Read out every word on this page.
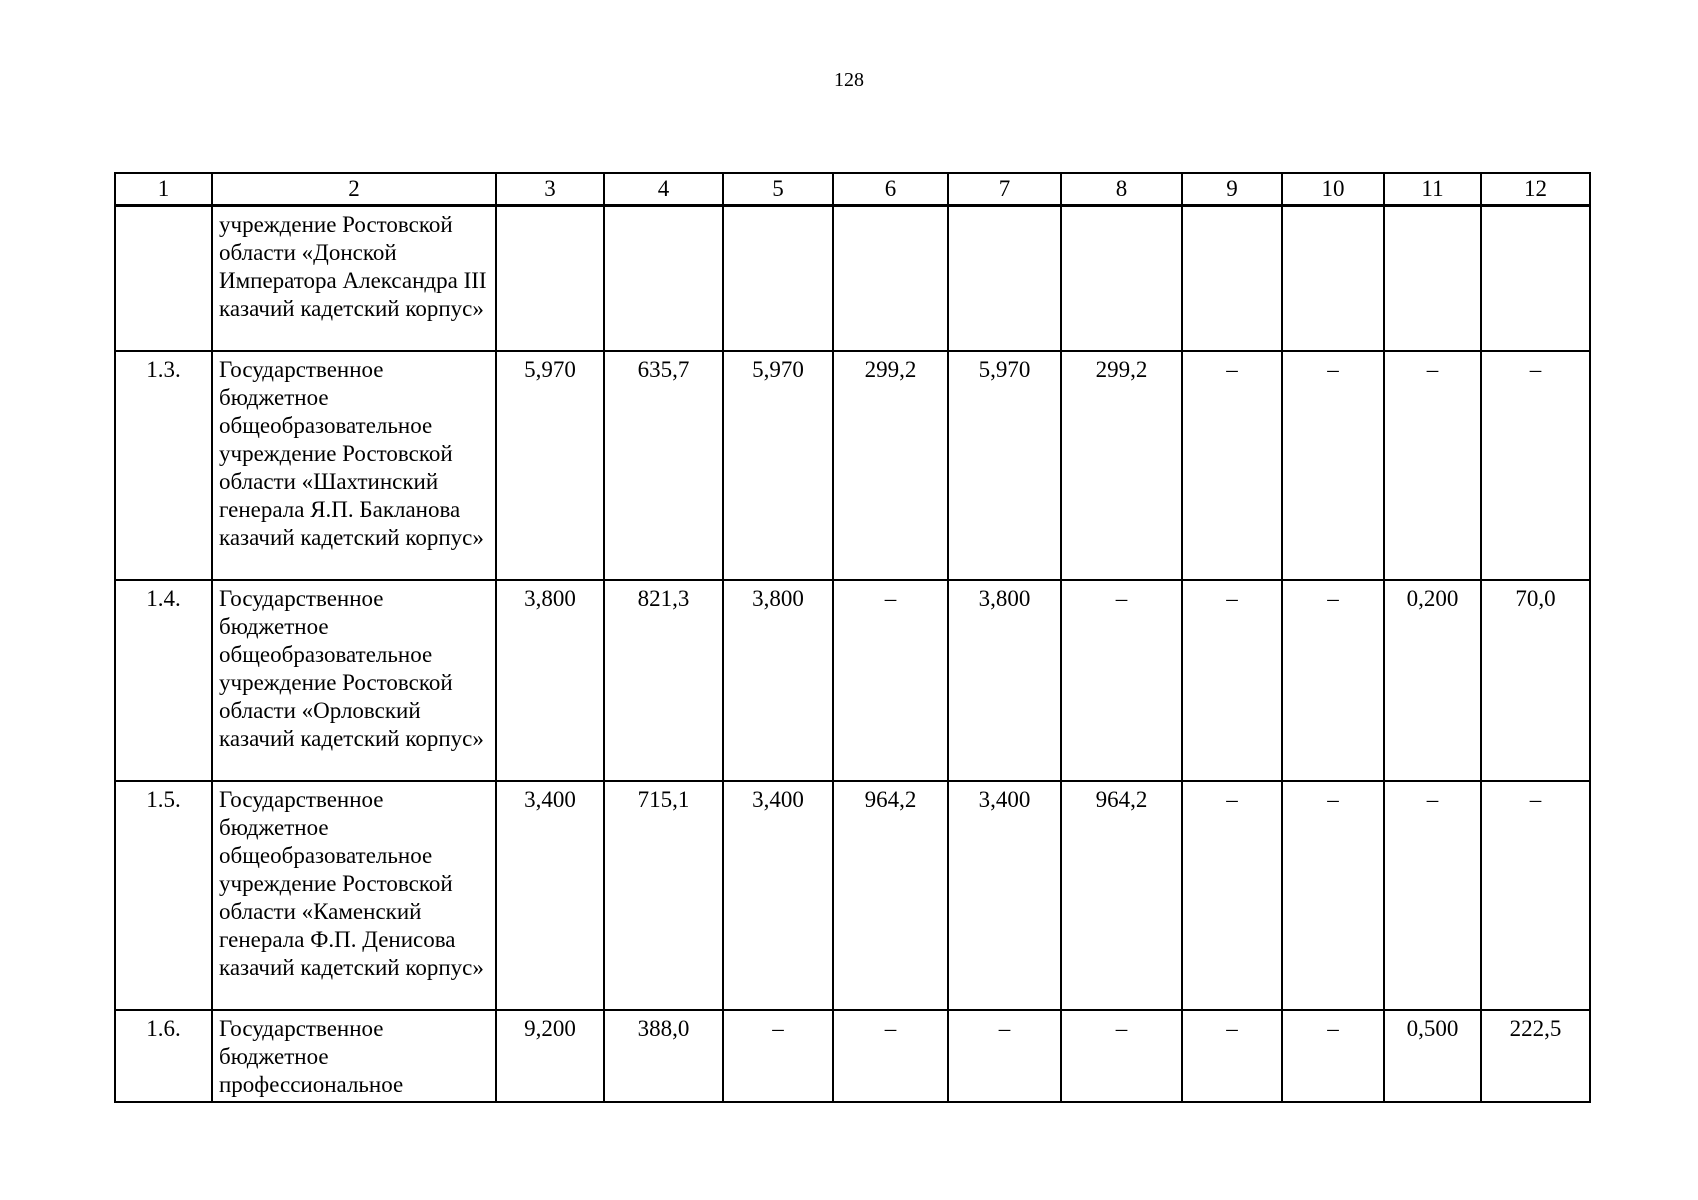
128
1	2	3	4	5	6	7	8	9	10	11	12
	учреждение Ростовской области «Донской Императора Александра III казачий кадетский корпус»										
1.3.	Государственное бюджетное общеобразовательное учреждение Ростовской области «Шахтинский генерала Я.П. Бакланова казачий кадетский корпус»	5,970	635,7	5,970	299,2	5,970	299,2	–	–	–	–
1.4.	Государственное бюджетное общеобразовательное учреждение Ростовской области «Орловский казачий кадетский корпус»	3,800	821,3	3,800	–	3,800	–	–	–	0,200	70,0
1.5.	Государственное бюджетное общеобразовательное учреждение Ростовской области «Каменский генерала Ф.П. Денисова казачий кадетский корпус»	3,400	715,1	3,400	964,2	3,400	964,2	–	–	–	–
1.6.	Государственное бюджетное профессиональное	9,200	388,0	–	–	–	–	–	–	0,500	222,5
